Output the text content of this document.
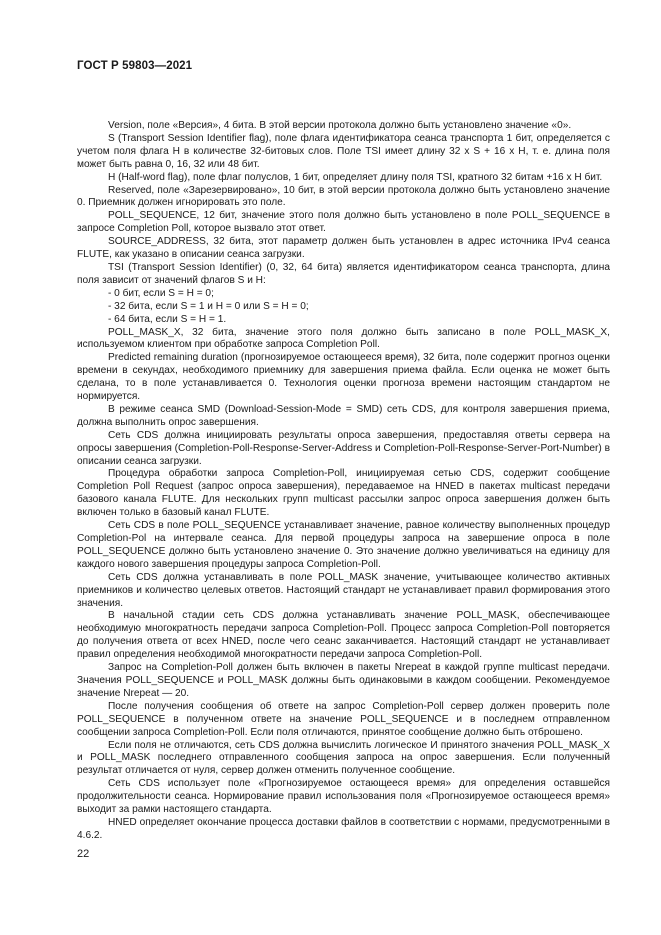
ГОСТ Р 59803—2021

Version, поле «Версия», 4 бита. В этой версии протокола должно быть установлено значение «0».

S (Transport Session Identifier flag), поле флага идентификатора сеанса транспорта 1 бит, определяется с учетом поля флага H в количестве 32-битовых слов. Поле TSI имеет длину 32 x S + 16 x H, т. е. длина поля может быть равна 0, 16, 32 или 48 бит.

H (Half-word flag), поле флаг полуслов, 1 бит, определяет длину поля TSI, кратного 32 битам +16 x H бит.

Reserved, поле «Зарезервировано», 10 бит, в этой версии протокола должно быть установлено значение 0. Приемник должен игнорировать это поле.

POLL_SEQUENCE, 12 бит, значение этого поля должно быть установлено в поле POLL_SEQUENCE в запросе Completion Poll, которое вызвало этот ответ.

SOURCE_ADDRESS, 32 бита, этот параметр должен быть установлен в адрес источника IPv4 сеанса FLUTE, как указано в описании сеанса загрузки.

TSI (Transport Session Identifier) (0, 32, 64 бита) является идентификатором сеанса транспорта, длина поля зависит от значений флагов S и H:

- 0 бит, если S = H = 0;

- 32 бита, если S = 1 и H = 0 или S = H = 0;

- 64 бита, если S = H = 1.

POLL_MASK_X, 32 бита, значение этого поля должно быть записано в поле POLL_MASK_X, используемом клиентом при обработке запроса Completion Poll.

Predicted remaining duration (прогнозируемое остающееся время), 32 бита, поле содержит прогноз оценки времени в секундах, необходимого приемнику для завершения приема файла. Если оценка не может быть сделана, то в поле устанавливается 0. Технология оценки прогноза времени настоящим стандартом не нормируется.

В режиме сеанса SMD (Download-Session-Mode = SMD) сеть CDS, для контроля завершения приема, должна выполнить опрос завершения.

Сеть CDS должна инициировать результаты опроса завершения, предоставляя ответы сервера на опросы завершения (Completion-Poll-Response-Server-Address и Completion-Poll-Response-Server-Port-Number) в описании сеанса загрузки.

Процедура обработки запроса Completion-Poll, инициируемая сетью CDS, содержит сообщение Completion Poll Request (запрос опроса завершения), передаваемое на HNED в пакетах multicast передачи базового канала FLUTE. Для нескольких групп multicast рассылки запрос опроса завершения должен быть включен только в базовый канал FLUTE.

Сеть CDS в поле POLL_SEQUENCE устанавливает значение, равное количеству выполненных процедур Completion-Pol на интервале сеанса. Для первой процедуры запроса на завершение опроса в поле POLL_SEQUENCE должно быть установлено значение 0. Это значение должно увеличиваться на единицу для каждого нового завершения процедуры запроса Completion-Poll.

Сеть CDS должна устанавливать в поле POLL_MASK значение, учитывающее количество активных приемников и количество целевых ответов. Настоящий стандарт не устанавливает правил формирования этого значения.

В начальной стадии сеть CDS должна устанавливать значение POLL_MASK, обеспечивающее необходимую многократность передачи запроса Completion-Poll. Процесс запроса Completion-Poll повторяется до получения ответа от всех HNED, после чего сеанс заканчивается. Настоящий стандарт не устанавливает правил определения необходимой многократности передачи запроса Completion-Poll.

Запрос на Completion-Poll должен быть включен в пакеты Nrepeat в каждой группе multicast передачи. Значения POLL_SEQUENCE и POLL_MASK должны быть одинаковыми в каждом сообщении. Рекомендуемое значение Nrepeat — 20.

После получения сообщения об ответе на запрос Completion-Poll сервер должен проверить поле POLL_SEQUENCE в полученном ответе на значение POLL_SEQUENCE и в последнем отправленном сообщении запроса Completion-Poll. Если поля отличаются, принятое сообщение должно быть отброшено.

Если поля не отличаются, сеть CDS должна вычислить логическое И принятого значения POLL_MASK_X и POLL_MASK последнего отправленного сообщения запроса на опрос завершения. Если полученный результат отличается от нуля, сервер должен отменить полученное сообщение.

Сеть CDS использует поле «Прогнозируемое остающееся время» для определения оставшейся продолжительности сеанса. Нормирование правил использования поля «Прогнозируемое остающееся время» выходит за рамки настоящего стандарта.

HNED определяет окончание процесса доставки файлов в соответствии с нормами, предусмотренными в 4.6.2.

22
